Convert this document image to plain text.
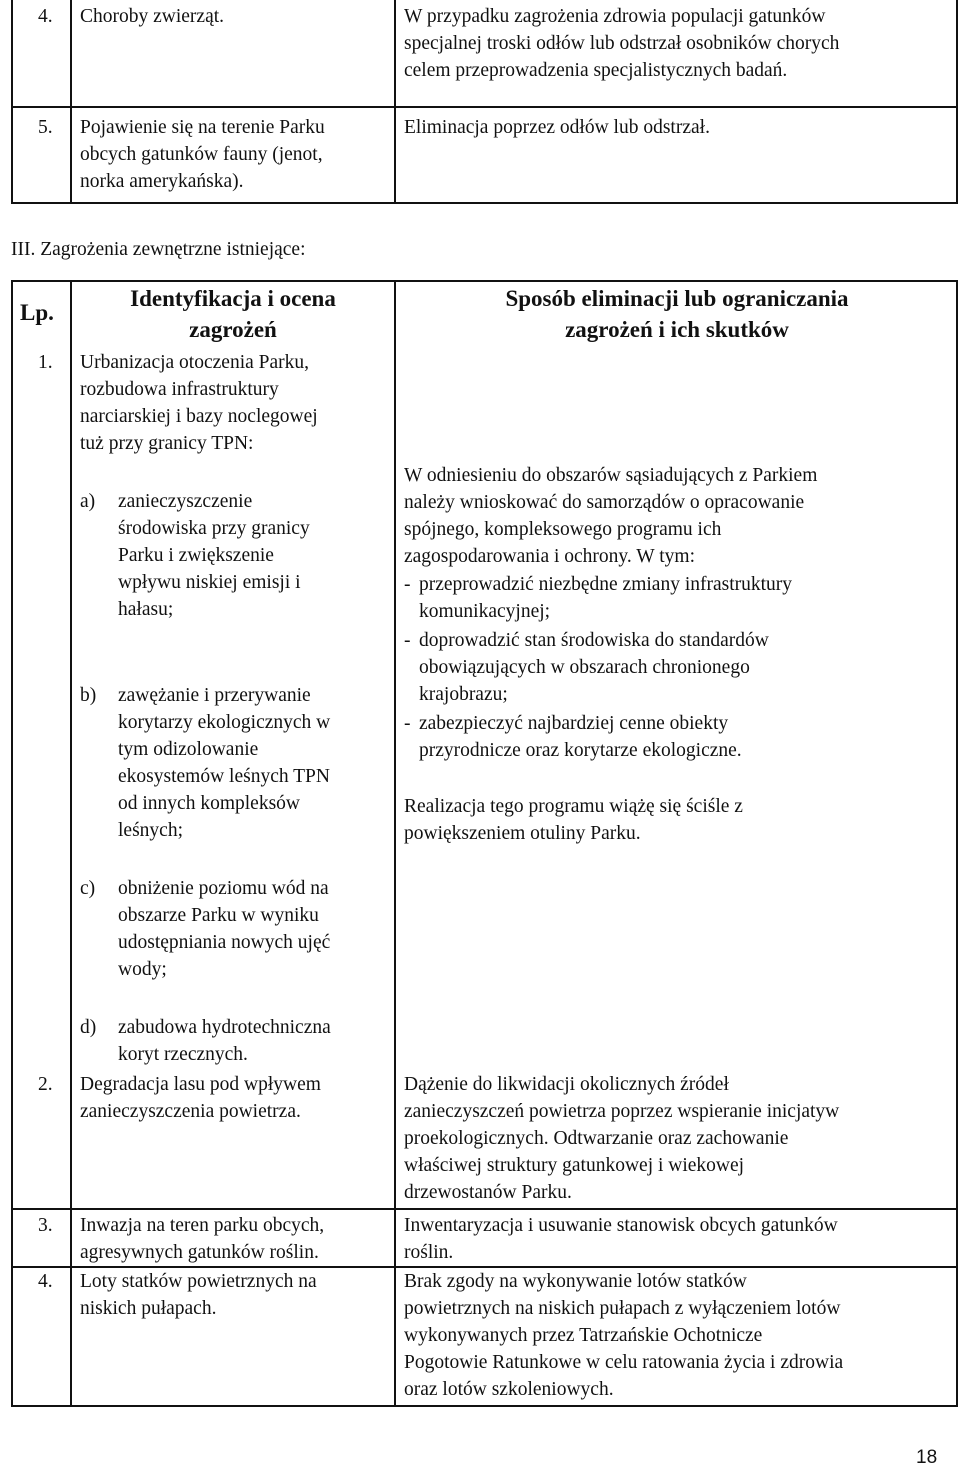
4. Choroby zwierząt.	W przypadku zagrożenia zdrowia populacji gatunków
specjalnej troski odłów lub odstrzał osobników chorych
celem przeprowadzenia specjalistycznych badań.
5. Pojawienie się na terenie Parku
obcych gatunków fauny (jenot,
norka amerykańska).
Eliminacja poprzez odłów lub odstrzał.
III. Zagrożenia zewnętrzne istniejące:
Lp.
Identyfikacja i ocena
zagrożeń
Sposób eliminacji lub ograniczania
zagrożeń i ich skutków
1. Urbanizacja otoczenia Parku,
rozbudowa infrastruktury
narciarskiej i bazy noclegowej
tuż przy granicy TPN:
a) zanieczyszczenie
środowiska przy granicy
Parku i zwiększenie
wpływu niskiej emisji i
hałasu;
b) zawężanie i przerywanie
korytarzy ekologicznych w
tym odizolowanie
ekosystemów leśnych TPN
od innych kompleksów
leśnych;
c) obniżenie poziomu wód na
obszarze Parku w wyniku
udostępniania nowych ujęć
wody;
d) zabudowa hydrotechniczna
koryt rzecznych.
W odniesieniu do obszarów sąsiadujących z Parkiem
należy wnioskować do samorządów o opracowanie
spójnego, kompleksowego programu ich
zagospodarowania i ochrony. W tym:
- przeprowadzić niezbędne zmiany infrastruktury
komunikacyjnej;
- doprowadzić stan środowiska do standardów
obowiązujących w obszarach chronionego
krajobrazu;
- zabezpieczyć najbardziej cenne obiekty
przyrodnicze oraz korytarze ekologiczne.
Realizacja tego programu wiążę się ściśle z
powiększeniem otuliny Parku.
2. Degradacja lasu pod wpływem
zanieczyszczenia powietrza.
Dążenie do likwidacji okolicznych źródeł
zanieczyszczeń powietrza poprzez wspieranie inicjatyw
proekologicznych. Odtwarzanie oraz zachowanie
właściwej struktury gatunkowej i wiekowej
drzewostanów Parku.
3. Inwazja na teren parku obcych,
agresywnych gatunków roślin.
Inwentaryzacja i usuwanie stanowisk obcych gatunków
roślin.
4. Loty statków powietrznych na
niskich pułapach.
Brak zgody na wykonywanie lotów statków
powietrznych na niskich pułapach z wyłączeniem lotów
wykonywanych przez Tatrzańskie Ochotnicze
Pogotowie Ratunkowe w celu ratowania życia i zdrowia
oraz lotów szkoleniowych.
18
